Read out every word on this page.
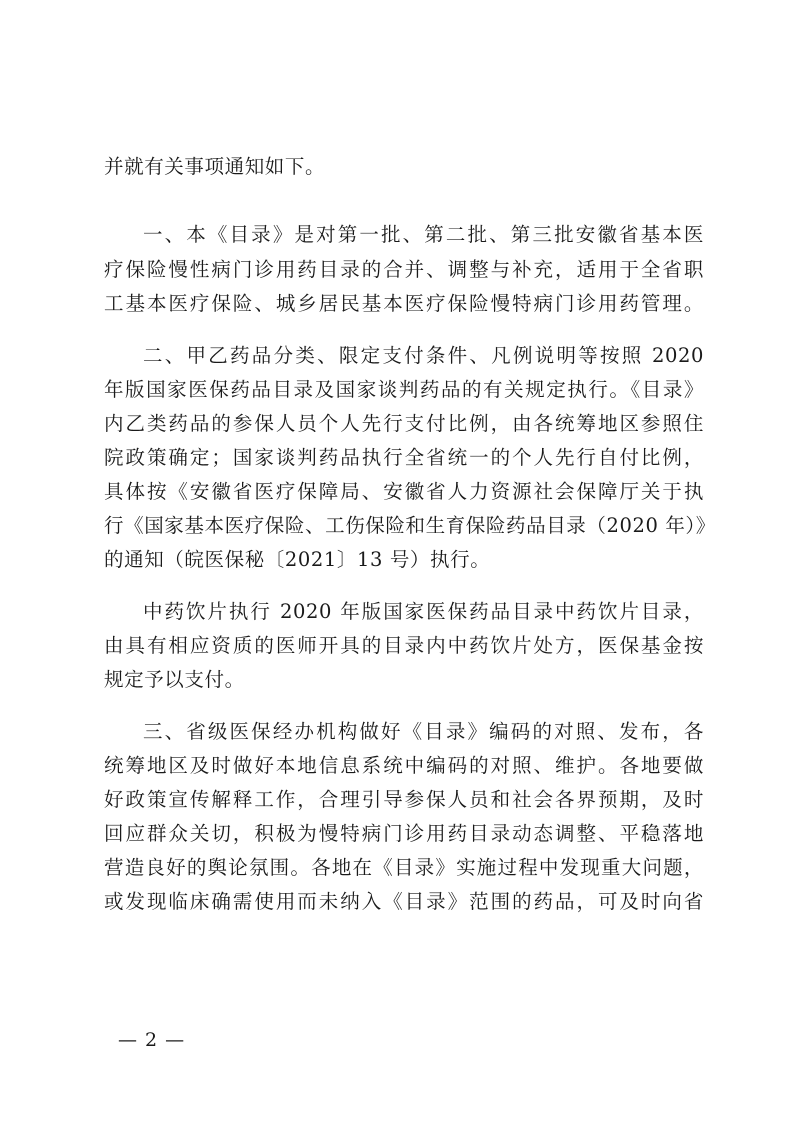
并就有关事项通知如下。
一、本《目录》是对第一批、第二批、第三批安徽省基本医
疗保险慢性病门诊用药目录的合并、调整与补充，适用于全省职
工基本医疗保险、城乡居民基本医疗保险慢特病门诊用药管理。
二、甲乙药品分类、限定支付条件、凡例说明等按照 2020
年版国家医保药品目录及国家谈判药品的有关规定执行。《目录》
内乙类药品的参保人员个人先行支付比例，由各统筹地区参照住
院政策确定；国家谈判药品执行全省统一的个人先行自付比例，
具体按《安徽省医疗保障局、安徽省人力资源社会保障厅关于执
行《国家基本医疗保险、工伤保险和生育保险药品目录（2020 年）》
的通知（皖医保秘〔2021〕13 号）执行。
中药饮片执行 2020 年版国家医保药品目录中药饮片目录，
由具有相应资质的医师开具的目录内中药饮片处方，医保基金按
规定予以支付。
三、省级医保经办机构做好《目录》编码的对照、发布，各
统筹地区及时做好本地信息系统中编码的对照、维护。各地要做
好政策宣传解释工作，合理引导参保人员和社会各界预期，及时
回应群众关切，积极为慢特病门诊用药目录动态调整、平稳落地
营造良好的舆论氛围。各地在《目录》实施过程中发现重大问题，
或发现临床确需使用而未纳入《目录》范围的药品，可及时向省
— 2 —
